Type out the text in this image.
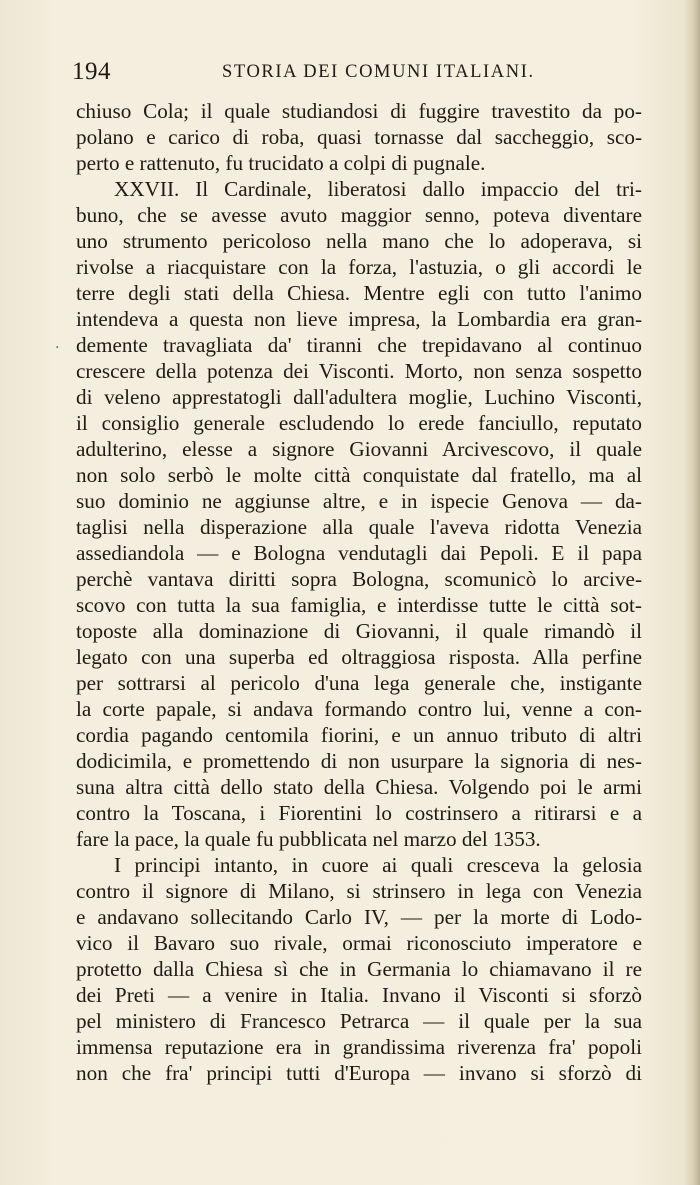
194	STORIA DEI COMUNI ITALIANI.
·
chiuso Cola; il quale studiandosi di fuggire travestito da po-
polano e carico di roba, quasi tornasse dal saccheggio, sco-
perto e rattenuto, fu trucidato a colpi di pugnale.
XXVII. Il Cardinale, liberatosi dallo impaccio del tri-
buno, che se avesse avuto maggior senno, poteva diventare
uno strumento pericoloso nella mano che lo adoperava, si
rivolse a riacquistare con la forza, l'astuzia, o gli accordi le
terre degli stati della Chiesa. Mentre egli con tutto l'animo
intendeva a questa non lieve impresa, la Lombardia era gran-
demente travagliata da' tiranni che trepidavano al continuo
crescere della potenza dei Visconti. Morto, non senza sospetto
di veleno apprestatogli dall'adultera moglie, Luchino Visconti,
il consiglio generale escludendo lo erede fanciullo, reputato
adulterino, elesse a signore Giovanni Arcivescovo, il quale
non solo serbò le molte città conquistate dal fratello, ma al
suo dominio ne aggiunse altre, e in ispecie Genova — da-
taglisi nella disperazione alla quale l'aveva ridotta Venezia
assediandola — e Bologna vendutagli dai Pepoli. E il papa
perchè vantava diritti sopra Bologna, scomunicò lo arcive-
scovo con tutta la sua famiglia, e interdisse tutte le città sot-
toposte alla dominazione di Giovanni, il quale rimandò il
legato con una superba ed oltraggiosa risposta. Alla perfine
per sottrarsi al pericolo d'una lega generale che, instigante
la corte papale, si andava formando contro lui, venne a con-
cordia pagando centomila fiorini, e un annuo tributo di altri
dodicimila, e promettendo di non usurpare la signoria di nes-
suna altra città dello stato della Chiesa. Volgendo poi le armi
contro la Toscana, i Fiorentini lo costrinsero a ritirarsi e a
fare la pace, la quale fu pubblicata nel marzo del 1353.
I principi intanto, in cuore ai quali cresceva la gelosia
contro il signore di Milano, si strinsero in lega con Venezia
e andavano sollecitando Carlo IV, — per la morte di Lodo-
vico il Bavaro suo rivale, ormai riconosciuto imperatore e
protetto dalla Chiesa sì che in Germania lo chiamavano il re
dei Preti — a venire in Italia. Invano il Visconti si sforzò
pel ministero di Francesco Petrarca — il quale per la sua
immensa reputazione era in grandissima riverenza fra' popoli
non che fra' principi tutti d'Europa — invano si sforzò di
